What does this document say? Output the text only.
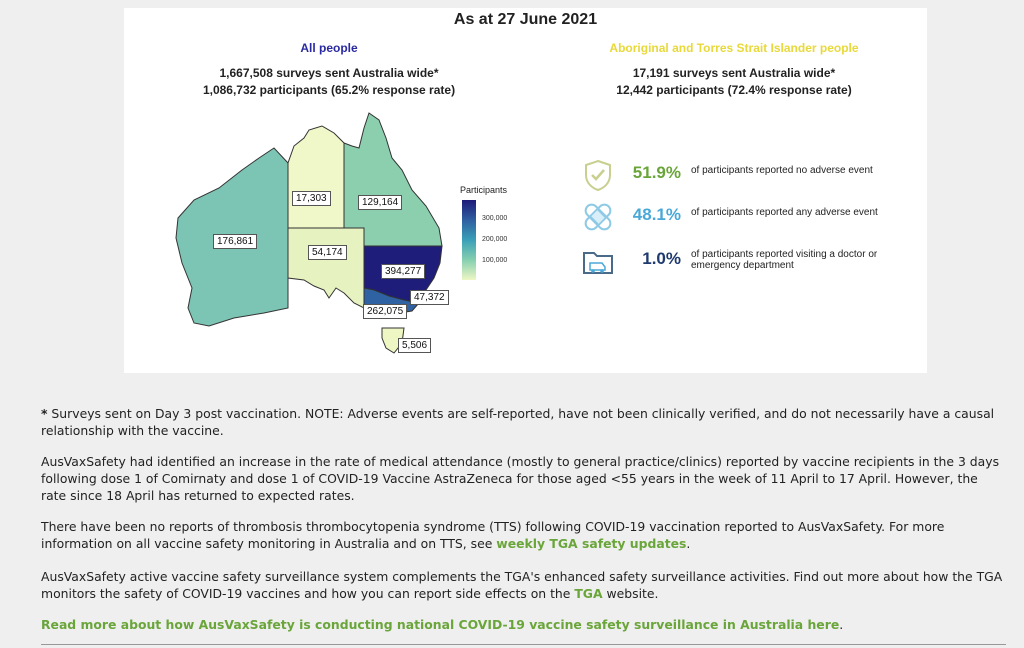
As at 27 June 2021
All people
1,667,508 surveys sent Australia wide*
1,086,732 participants (65.2% response rate)
Aboriginal and Torres Strait Islander people
17,191 surveys sent Australia wide*
12,442 participants (72.4% response rate)
176,861
17,303	129,164
54,174
394,277
47,372
262,075
5,506
Participants
300,000
200,000
100,000
51.9% of participants reported no adverse event
48.1% of participants reported any adverse event
1.0% of participants reported visiting a doctor or emergency department

* Surveys sent on Day 3 post vaccination. NOTE: Adverse events are self-reported, have not been clinically verified, and do not necessarily have a causal relationship with the vaccine.

AusVaxSafety had identified an increase in the rate of medical attendance (mostly to general practice/clinics) reported by vaccine recipients in the 3 days following dose 1 of Comirnaty and dose 1 of COVID-19 Vaccine AstraZeneca for those aged <55 years in the week of 11 April to 17 April. However, the rate since 18 April has returned to expected rates.

There have been no reports of thrombosis thrombocytopenia syndrome (TTS) following COVID-19 vaccination reported to AusVaxSafety. For more information on all vaccine safety monitoring in Australia and on TTS, see weekly TGA safety updates.

AusVaxSafety active vaccine safety surveillance system complements the TGA's enhanced safety surveillance activities. Find out more about how the TGA monitors the safety of COVID-19 vaccines and how you can report side effects on the TGA website.

Read more about how AusVaxSafety is conducting national COVID-19 vaccine safety surveillance in Australia here.
